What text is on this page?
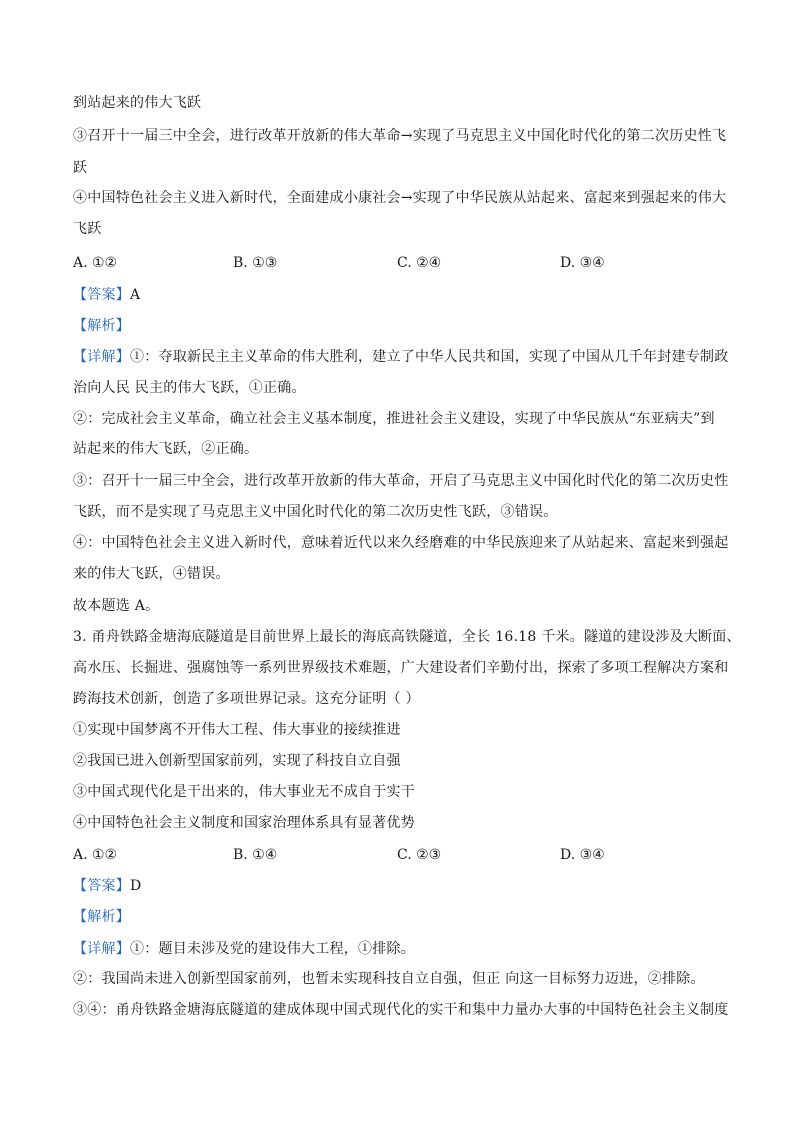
到站起来的伟大飞跃
③召开十一届三中全会，进行改革开放新的伟大革命→实现了马克思主义中国化时代化的第二次历史性飞
跃
④中国特色社会主义进入新时代，全面建成小康社会→实现了中华民族从站起来、富起来到强起来的伟大
飞跃
A. ①②	B. ①③	C. ②④	D. ③④
【答案】A
【解析】
【详解】①：夺取新民主主义革命的伟大胜利，建立了中华人民共和国，实现了中国从几千年封建专制政
治向人民 民主的伟大飞跃，①正确。
②：完成社会主义革命，确立社会主义基本制度，推进社会主义建设，实现了中华民族从“东亚病夫”到
站起来的伟大飞跃，②正确。
③：召开十一届三中全会，进行改革开放新的伟大革命，开启了马克思主义中国化时代化的第二次历史性
飞跃，而不是实现了马克思主义中国化时代化的第二次历史性飞跃，③错误。
④：中国特色社会主义进入新时代，意味着近代以来久经磨难的中华民族迎来了从站起来、富起来到强起
来的伟大飞跃，④错误。
故本题选 A。
3. 甬舟铁路金塘海底隧道是目前世界上最长的海底高铁隧道，全长 16.18 千米。隧道的建设涉及大断面、
高水压、长掘进、强腐蚀等一系列世界级技术难题，广大建设者们辛勤付出，探索了多项工程解决方案和
跨海技术创新，创造了多项世界记录。这充分证明（ ）
①实现中国梦离不开伟大工程、伟大事业的接续推进
②我国已进入创新型国家前列，实现了科技自立自强
③中国式现代化是干出来的，伟大事业无不成自于实干
④中国特色社会主义制度和国家治理体系具有显著优势
A. ①②	B. ①④	C. ②③	D. ③④
【答案】D
【解析】
【详解】①：题目未涉及党的建设伟大工程，①排除。
②：我国尚未进入创新型国家前列，也暂未实现科技自立自强，但正 向这一目标努力迈进，②排除。
③④：甬舟铁路金塘海底隧道的建成体现中国式现代化的实干和集中力量办大事的中国特色社会主义制度
